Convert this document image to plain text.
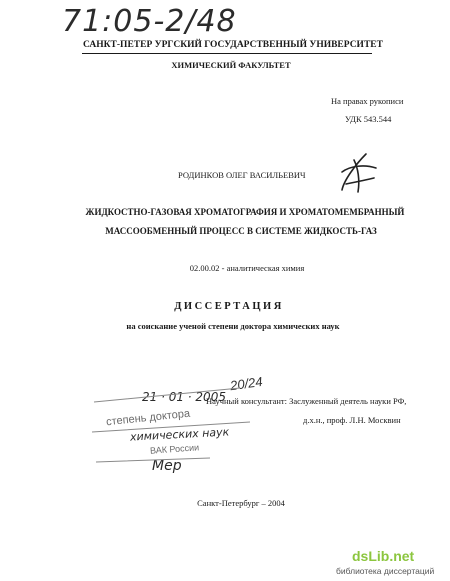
71:05-2/48
САНКТ-ПЕТЕР УРГСКИЙ ГОСУДАРСТВЕННЫЙ УНИВЕРСИТЕТ
ХИМИЧЕСКИЙ ФАКУЛЬТЕТ
На правах рукописи
УДК 543.544
РОДИНКОВ ОЛЕГ ВАСИЛЬЕВИЧ
ЖИДКОСТНО-ГАЗОВАЯ ХРОМАТОГРАФИЯ И ХРОМАТОМЕМБРАННЫЙ
МАССООБМЕННЫЙ ПРОЦЕСС В СИСТЕМЕ ЖИДКОСТЬ-ГАЗ
02.00.02 - аналитическая химия
ДИССЕРТАЦИЯ
на соискание ученой степени доктора химических наук
20/24
21 · 01 · 2005
степень доктора
химических наук
ВАК России
Мер
Научный консультант: Заслуженный деятель науки РФ,
д.х.н., проф. Л.Н. Москвин
Санкт-Петербург – 2004
dsLib.net
библиотека диссертаций
